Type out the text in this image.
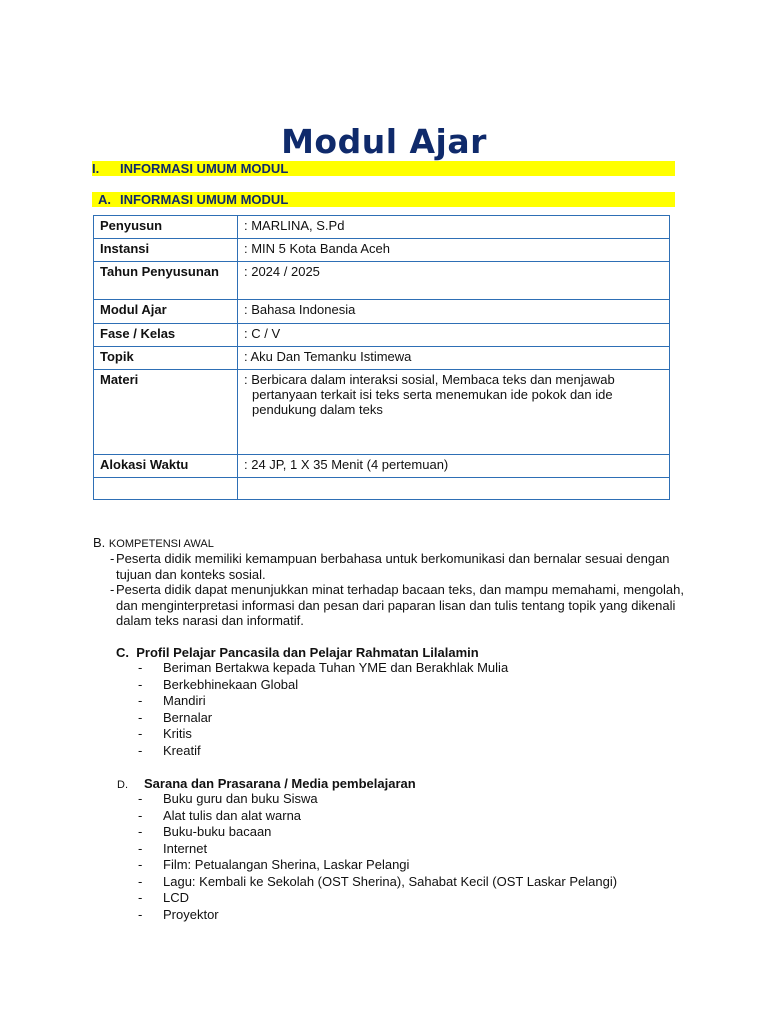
Modul Ajar
I. INFORMASI UMUM MODUL
A. INFORMASI UMUM MODUL
Penyusun	: MARLINA, S.Pd
Instansi	: MIN 5 Kota Banda Aceh
Tahun Penyusunan	: 2024 / 2025
Modul Ajar	: Bahasa Indonesia
Fase / Kelas	: C / V
Topik	: Aku Dan Temanku Istimewa
Materi	: Berbicara dalam interaksi sosial, Membaca teks dan menjawab pertanyaan terkait isi teks serta menemukan ide pokok dan ide pendukung dalam teks

Alokasi Waktu	: 24 JP, 1 X 35 Menit (4 pertemuan)

B. KOMPETENSI AWAL
- Peserta didik memiliki kemampuan berbahasa untuk berkomunikasi dan bernalar sesuai dengan tujuan dan konteks sosial.
- Peserta didik dapat menunjukkan minat terhadap bacaan teks, dan mampu memahami, mengolah, dan menginterpretasi informasi dan pesan dari paparan lisan dan tulis tentang topik yang dikenali dalam teks narasi dan informatif.
C. Profil Pelajar Pancasila dan Pelajar Rahmatan Lilalamin
-	Beriman Bertakwa kepada Tuhan YME dan Berakhlak Mulia
-	Berkebhinekaan Global
-	Mandiri
-	Bernalar
-	Kritis
-	Kreatif
D. Sarana dan Prasarana / Media pembelajaran
-	Buku guru dan buku Siswa
-	Alat tulis dan alat warna
-	Buku-buku bacaan
-	Internet
-	Film: Petualangan Sherina, Laskar Pelangi
-	Lagu: Kembali ke Sekolah (OST Sherina), Sahabat Kecil (OST Laskar Pelangi)
-	LCD
-	Proyektor
